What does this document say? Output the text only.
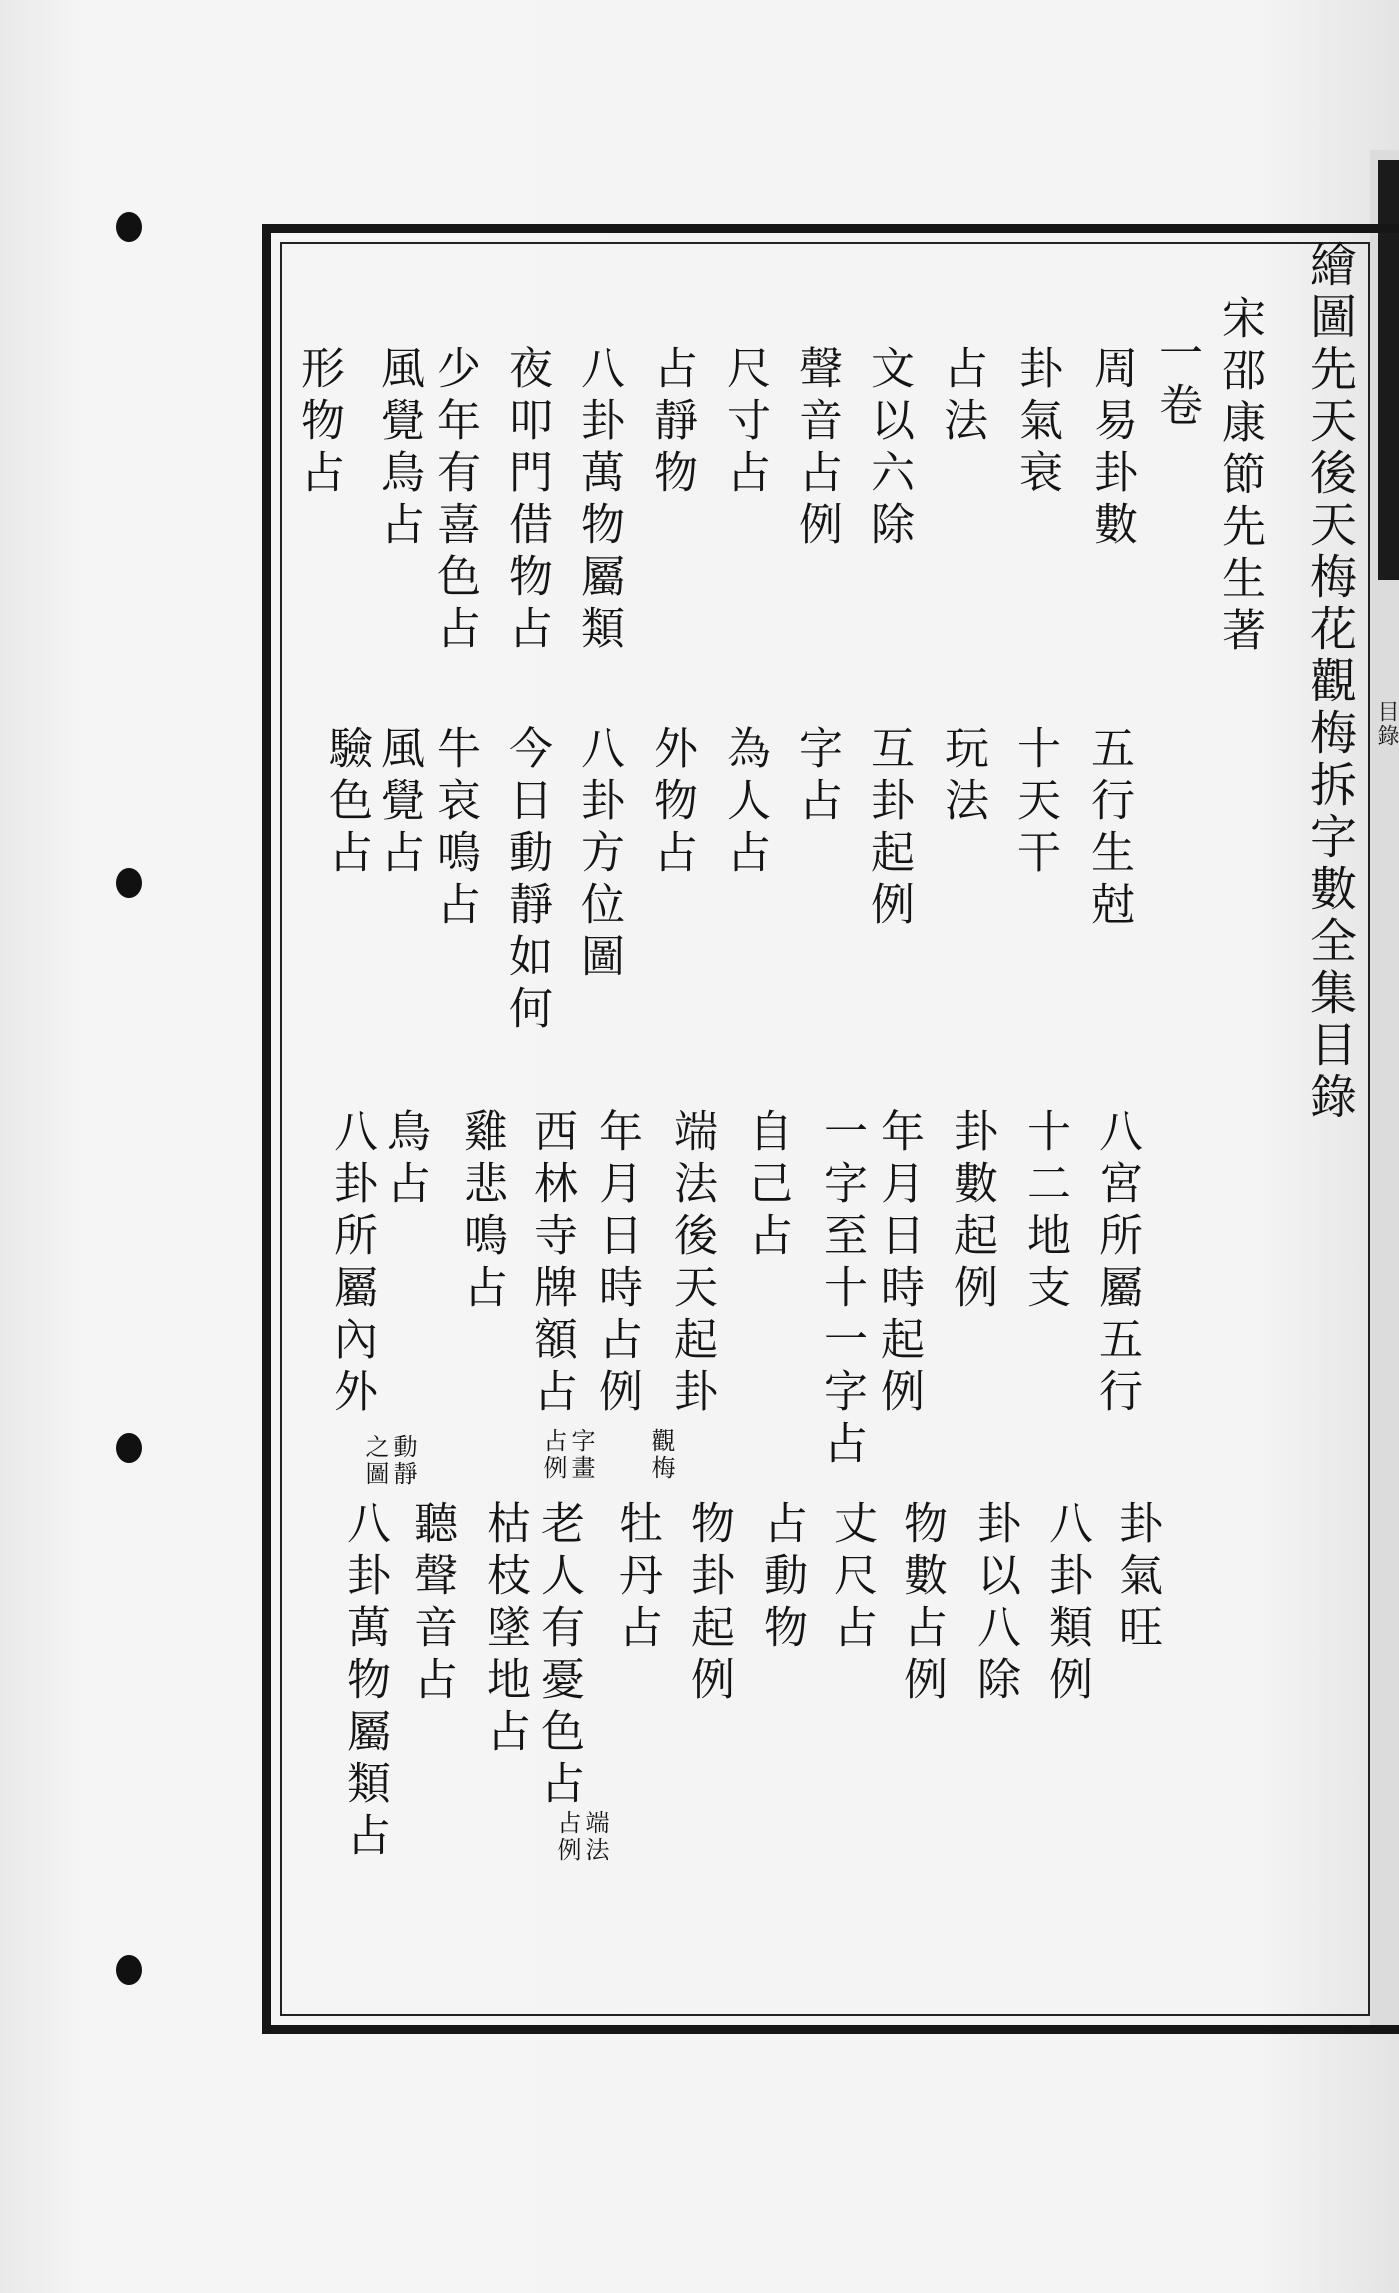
目錄
繪圖先天後天梅花觀梅拆字數全集目錄
宋邵康節先生著
一卷
周易卦數
卦氣衰
占法
文以六除
聲音占例
尺寸占
占靜物
八卦萬物屬類
夜叩門借物占
少年有喜色占
風覺鳥占
形物占
五行生尅
十天干
玩法
互卦起例
字占
為人占
外物占
八卦方位圖
今日動靜如何
牛哀鳴占
風覺占
驗色占
八宮所屬五行
十二地支
卦數起例
年月日時起例
一字至十一字占
自己占
端法後天起卦
年月日時占例
西林寺牌額占
雞悲鳴占
鳥占
八卦所屬內外
觀梅
字畫
占例
動靜
之圖
端法
占例
卦氣旺
八卦類例
卦以八除
物數占例
丈尺占
占動物
物卦起例
牡丹占
老人有憂色占
枯枝墜地占
聽聲音占
八卦萬物屬類占
